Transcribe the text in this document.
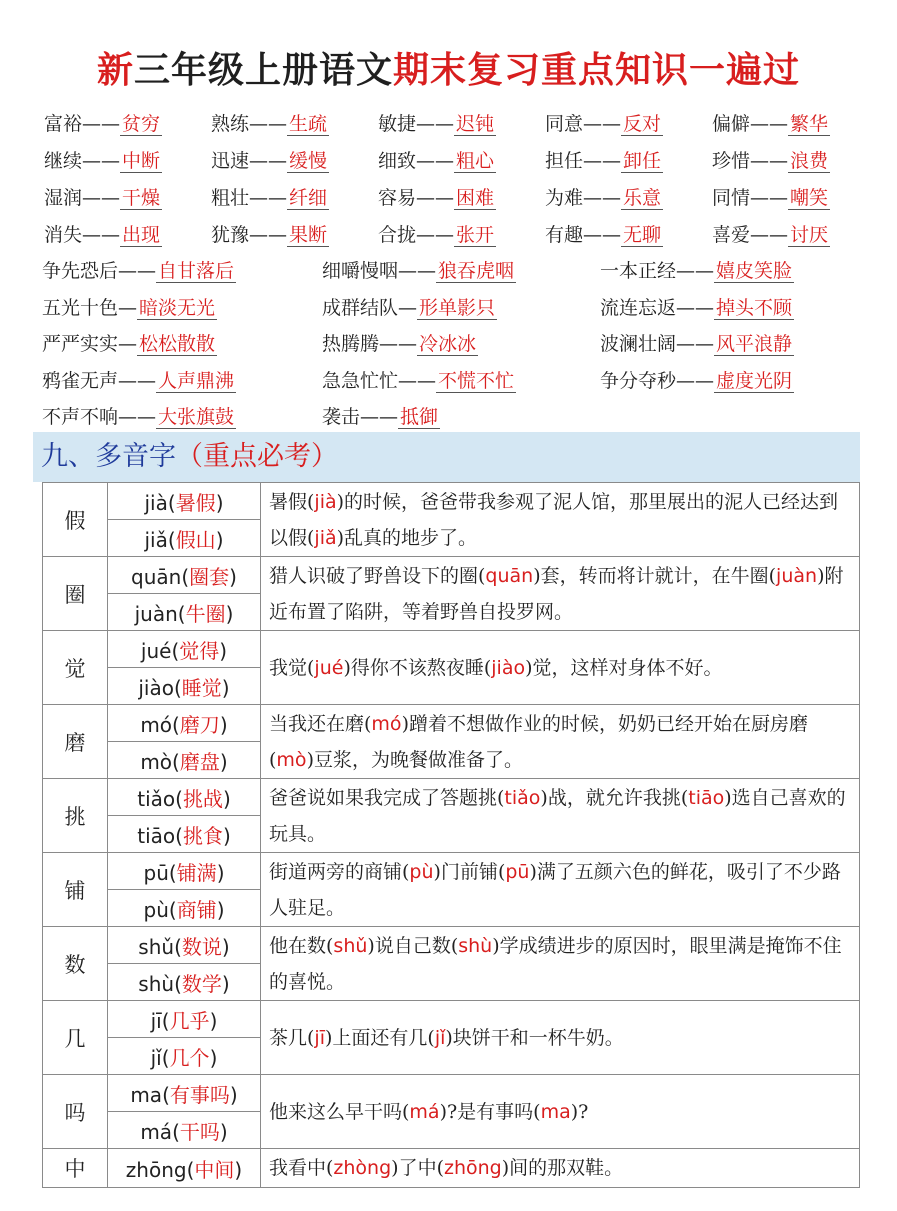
新三年级上册语文期末复习重点知识一遍过
富裕—— 贫穷	熟练—— 生疏	敏捷—— 迟钝	同意—— 反对	偏僻—— 繁华
继续—— 中断	迅速—— 缓慢	细致—— 粗心	担任—— 卸任	珍惜—— 浪费
湿润—— 干燥	粗壮—— 纤细	容易—— 困难	为难—— 乐意	同情—— 嘲笑
消失—— 出现	犹豫—— 果断	合拢—— 张开	有趣—— 无聊	喜爱—— 讨厌
争先恐后—— 自甘落后	细嚼慢咽—— 狼吞虎咽	一本正经—— 嬉皮笑脸
五光十色— 暗淡无光	成群结队— 形单影只	流连忘返—— 掉头不顾
严严实实— 松松散散	热腾腾—— 冷冰冰	波澜壮阔—— 风平浪静
鸦雀无声—— 人声鼎沸	急急忙忙—— 不慌不忙	争分夺秒—— 虚度光阴
不声不响—— 大张旗鼓	袭击—— 抵御
九、多音字（重点必考）
假	jià(暑假)	暑假(jià)的时候，爸爸带我参观了泥人馆，那里展出的泥人已经达到以假(jiǎ)乱真的地步了。
	jiǎ(假山)	
圈	quān(圈套)	猎人识破了野兽设下的圈(quān)套，转而将计就计，在牛圈(juàn)附近布置了陷阱，等着野兽自投罗网。
	juàn(牛圈)	
觉	jué(觉得)	我觉(jué)得你不该熬夜睡(jiào)觉，这样对身体不好。
	jiào(睡觉)	
磨	mó(磨刀)	当我还在磨(mó)蹭着不想做作业的时候，奶奶已经开始在厨房磨(mò)豆浆，为晚餐做准备了。
	mò(磨盘)	
挑	tiǎo(挑战)	爸爸说如果我完成了答题挑(tiǎo)战，就允许我挑(tiāo)选自己喜欢的玩具。
	tiāo(挑食)	
铺	pū(铺满)	街道两旁的商铺(pù)门前铺(pū)满了五颜六色的鲜花，吸引了不少路人驻足。
	pù(商铺)	
数	shǔ(数说)	他在数(shǔ)说自己数(shù)学成绩进步的原因时，眼里满是掩饰不住的喜悦。
	shù(数学)	
几	jī(几乎)	茶几(jī)上面还有几(jǐ)块饼干和一杯牛奶。
	jǐ(几个)	
吗	ma(有事吗)	他来这么早干吗(má)?是有事吗(ma)?
	má(干吗)	
中	zhōng(中间)	我看中(zhòng)了中(zhōng)间的那双鞋。
